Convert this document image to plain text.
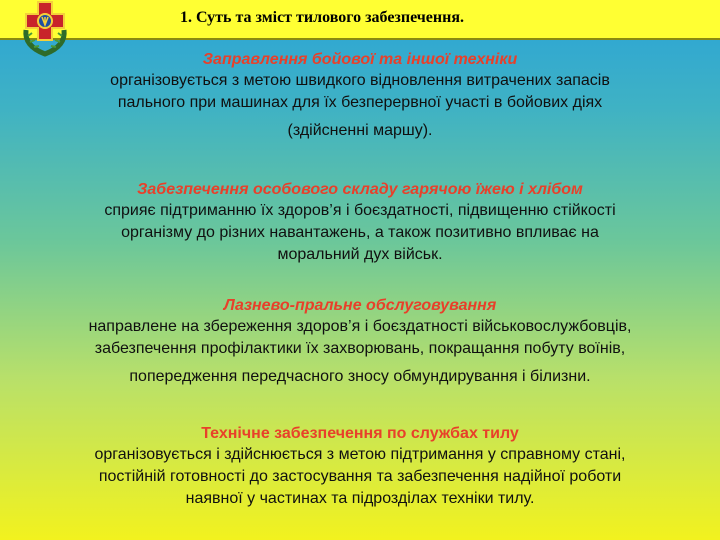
1. Суть та зміст тилового забезпечення.
Заправлення бойової та іншої техніки
організовується з метою швидкого відновлення витрачених запасів
пального при машинах для їх безперервної участі в бойових діях
(здійсненні маршу).
Забезпечення особового складу гарячою їжею і хлібом
сприяє підтриманню їх здоров’я і боєздатності, підвищенню стійкості
організму до різних навантажень, а також позитивно впливає на
моральний дух військ.
Лазнево-пральне обслуговування
направлене на збереження здоров’я і боєздатності військовослужбовців,
забезпечення профілактики їх захворювань, покращання побуту воїнів,
попередження передчасного зносу обмундирування і білизни.
Технічне забезпечення по службах тилу
організовується і здійснюється з метою підтримання у справному стані,
постійній готовності до застосування та забезпечення надійної роботи
наявної у частинах та підрозділах техніки тилу.
